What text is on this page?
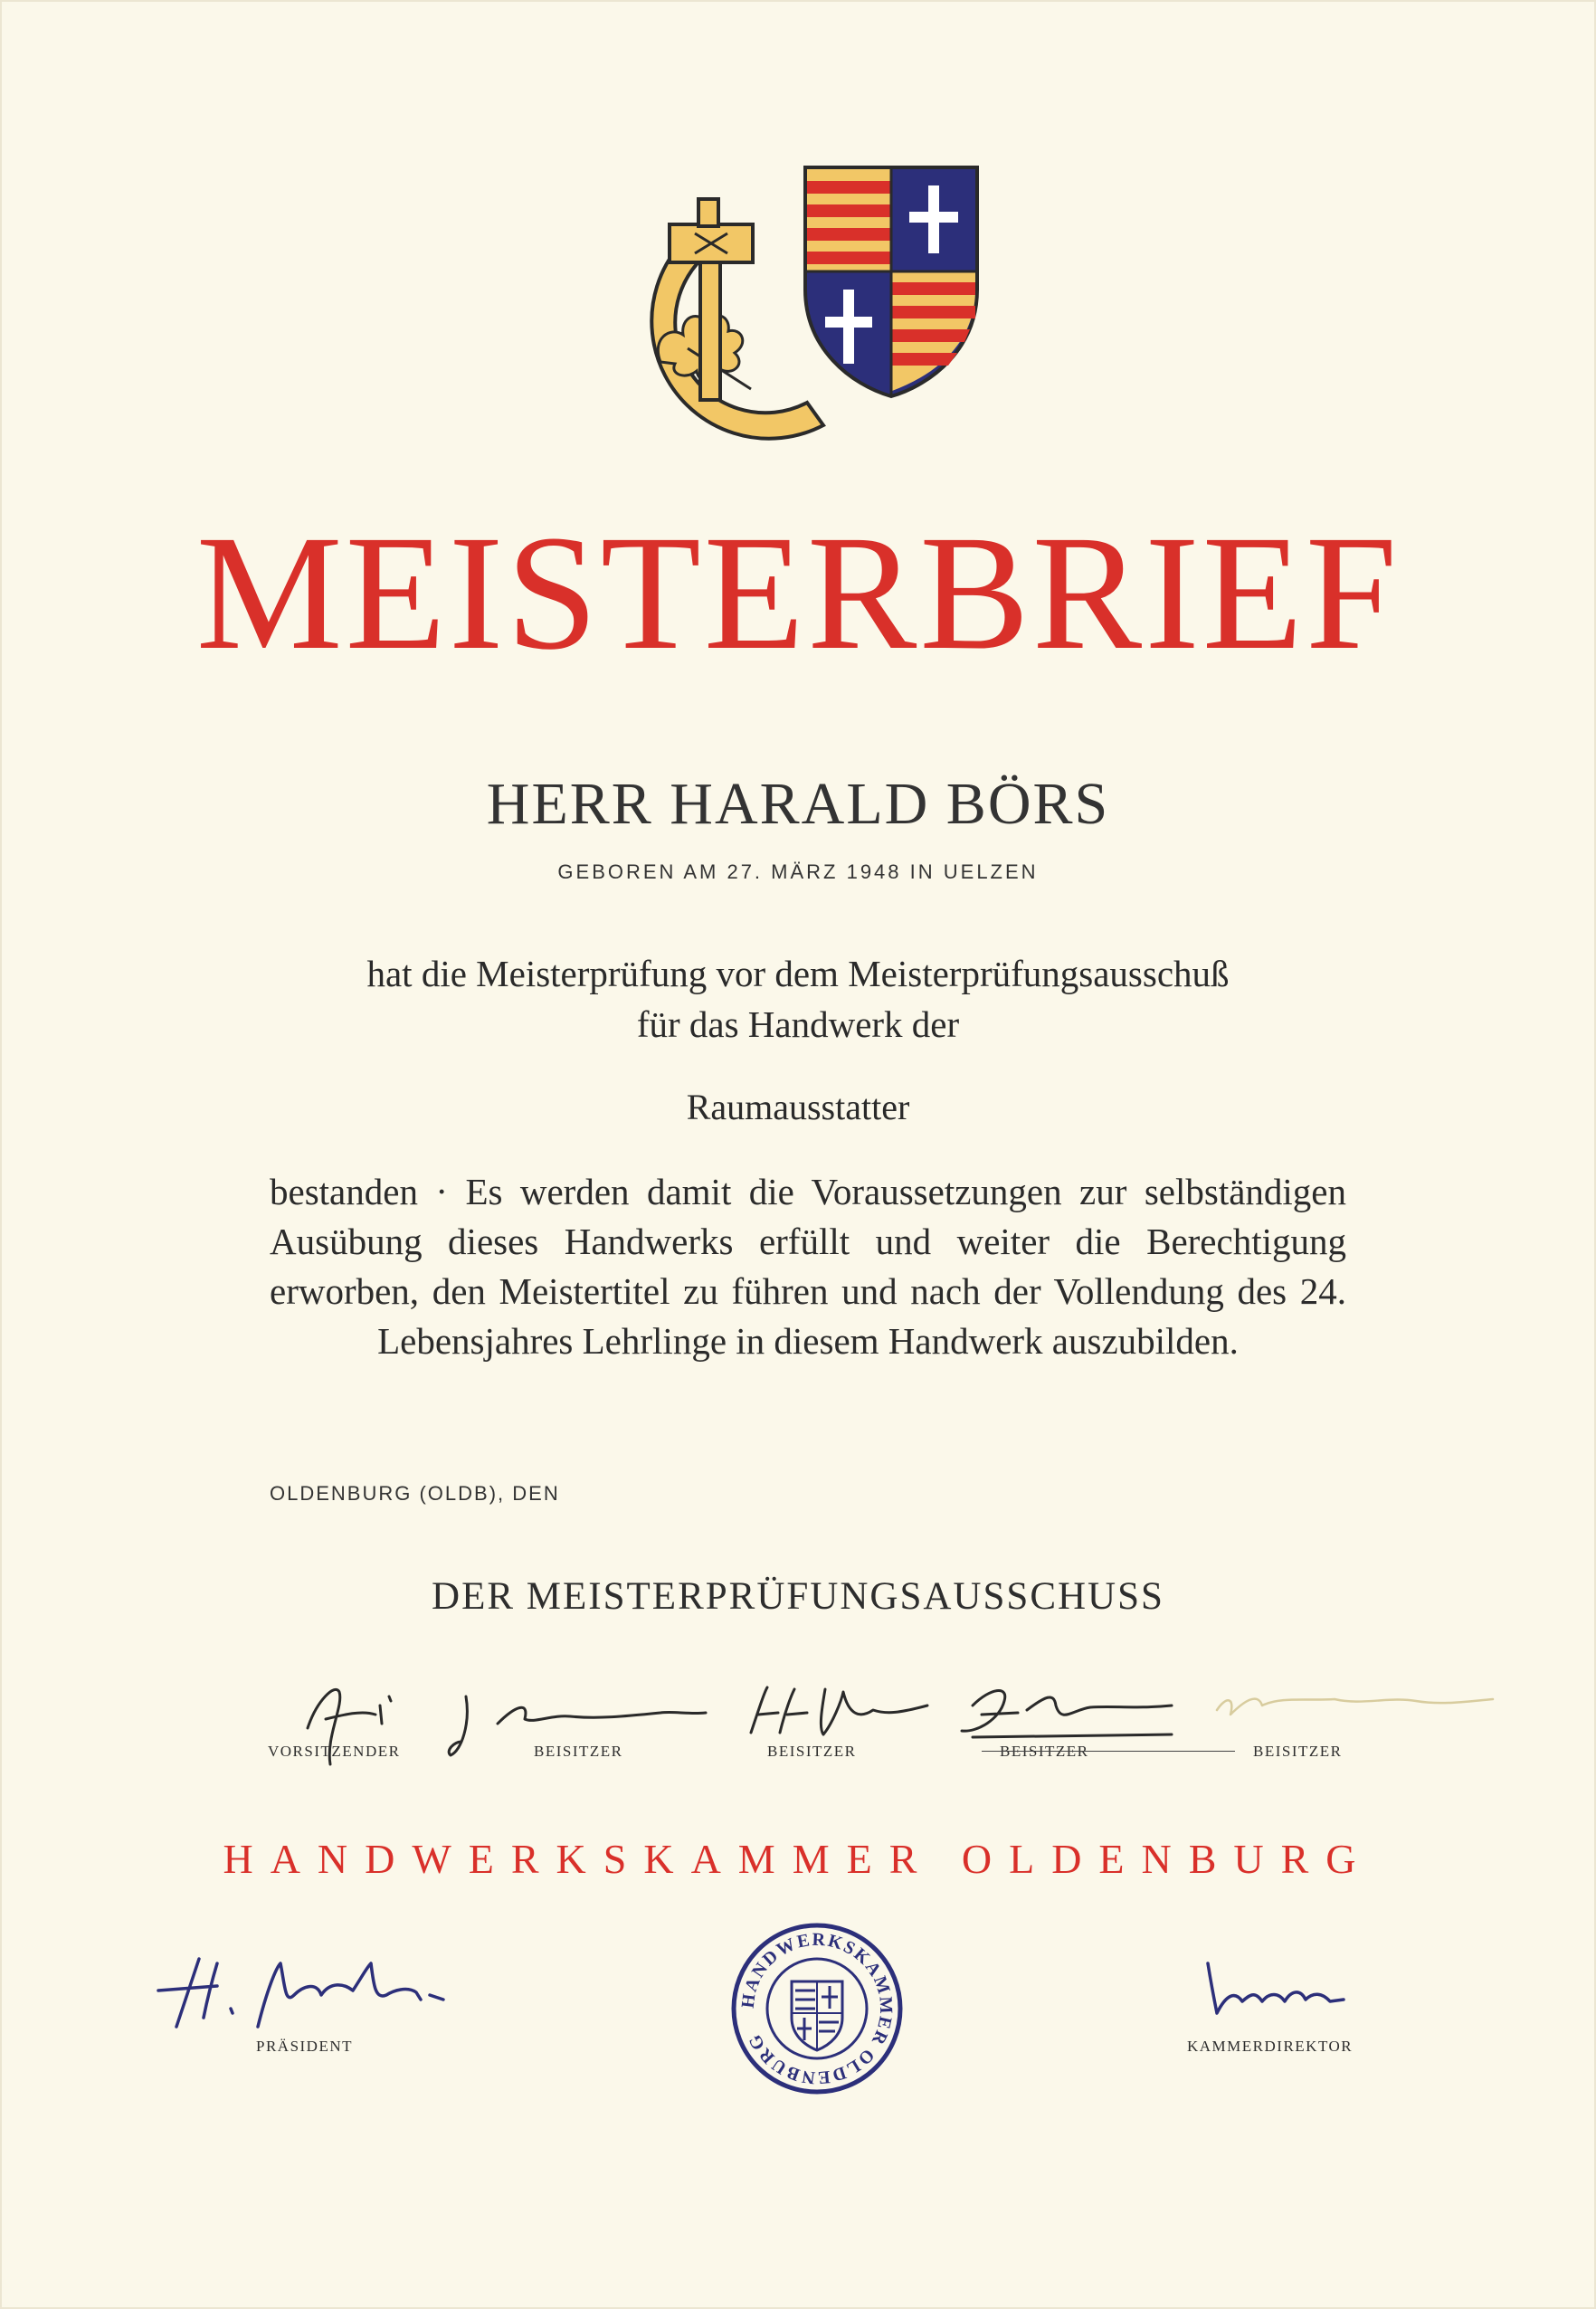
MEISTERBRIEF
HERR HARALD BÖRS
GEBOREN AM 27. MÄRZ 1948 IN UELZEN
hat die Meisterprüfung vor dem Meisterprüfungsausschuß
für das Handwerk der
Raumausstatter
bestanden · Es werden damit die Voraussetzungen zur selbständigen Ausübung dieses Handwerks erfüllt und weiter die Berechtigung erworben, den Meistertitel zu führen und nach der Vollendung des 24. Lebensjahres Lehrlinge in diesem Handwerk auszubilden.
OLDENBURG (OLDB), DEN
DER MEISTERPRÜFUNGSAUSSCHUSS
VORSITZENDER	BEISITZER	BEISITZER	BEISITZER	BEISITZER
HANDWERKSKAMMER OLDENBURG
PRÄSIDENT
HANDWERKSKAMMER OLDENBURG	KAMMERDIREKTOR
